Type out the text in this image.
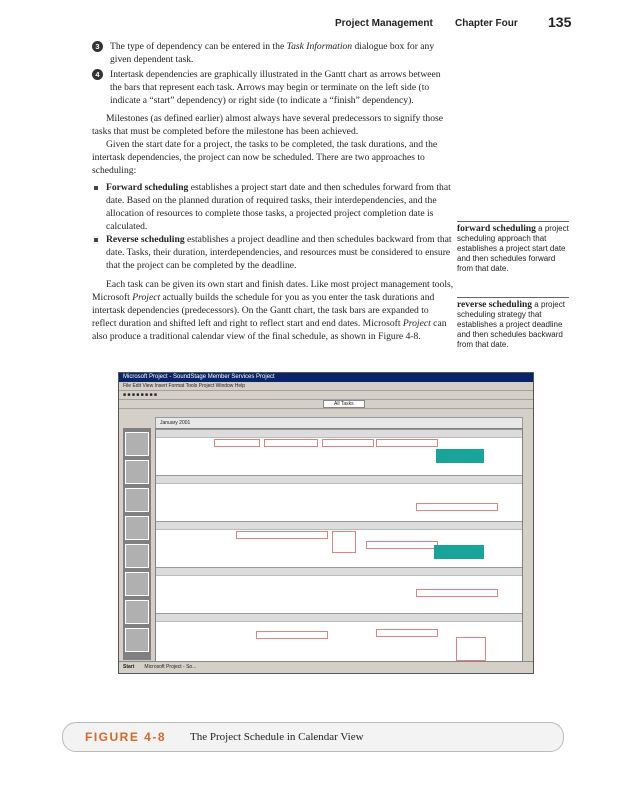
Project Management Chapter Four 135
3	The type of dependency can be entered in the Task Information dialogue box for any given dependent task.
4	Intertask dependencies are graphically illustrated in the Gantt chart as arrows between the bars that represent each task. Arrows may begin or terminate on the left side (to indicate a “start” dependency) or right side (to indicate a “finish” dependency).

Milestones (as defined earlier) almost always have several predecessors to signify those tasks that must be completed before the milestone has been achieved.

Given the start date for a project, the tasks to be completed, the task durations, and the intertask dependencies, the project can now be scheduled. There are two approaches to scheduling:

Forward scheduling establishes a project start date and then schedules forward from that date. Based on the planned duration of required tasks, their interdependencies, and the allocation of resources to complete those tasks, a projected project completion date is calculated.
Reverse scheduling establishes a project deadline and then schedules backward from that date. Tasks, their duration, interdependencies, and resources must be considered to ensure that the project can be completed by the deadline.

Each task can be given its own start and finish dates. Like most project management tools, Microsoft Project actually builds the schedule for you as you enter the task durations and intertask dependencies (predecessors). On the Gantt chart, the task bars are expanded to reflect duration and shifted left and right to reflect start and end dates. Microsoft Project can also produce a traditional calendar view of the final schedule, as shown in Figure 4-8.

forward scheduling a project scheduling approach that establishes a project start date and then schedules forward from that date.
reverse scheduling a project scheduling strategy that establishes a project deadline and then schedules backward from that date.
Microsoft Project - SoundStage Member Services Project
File Edit View Insert Format Tools Project Window Help
■ ■ ■ ■ ■ ■ ■ ■
All Tasks
January 2001
Start Microsoft Project - So...
FIGURE 4-8 The Project Schedule in Calendar View
